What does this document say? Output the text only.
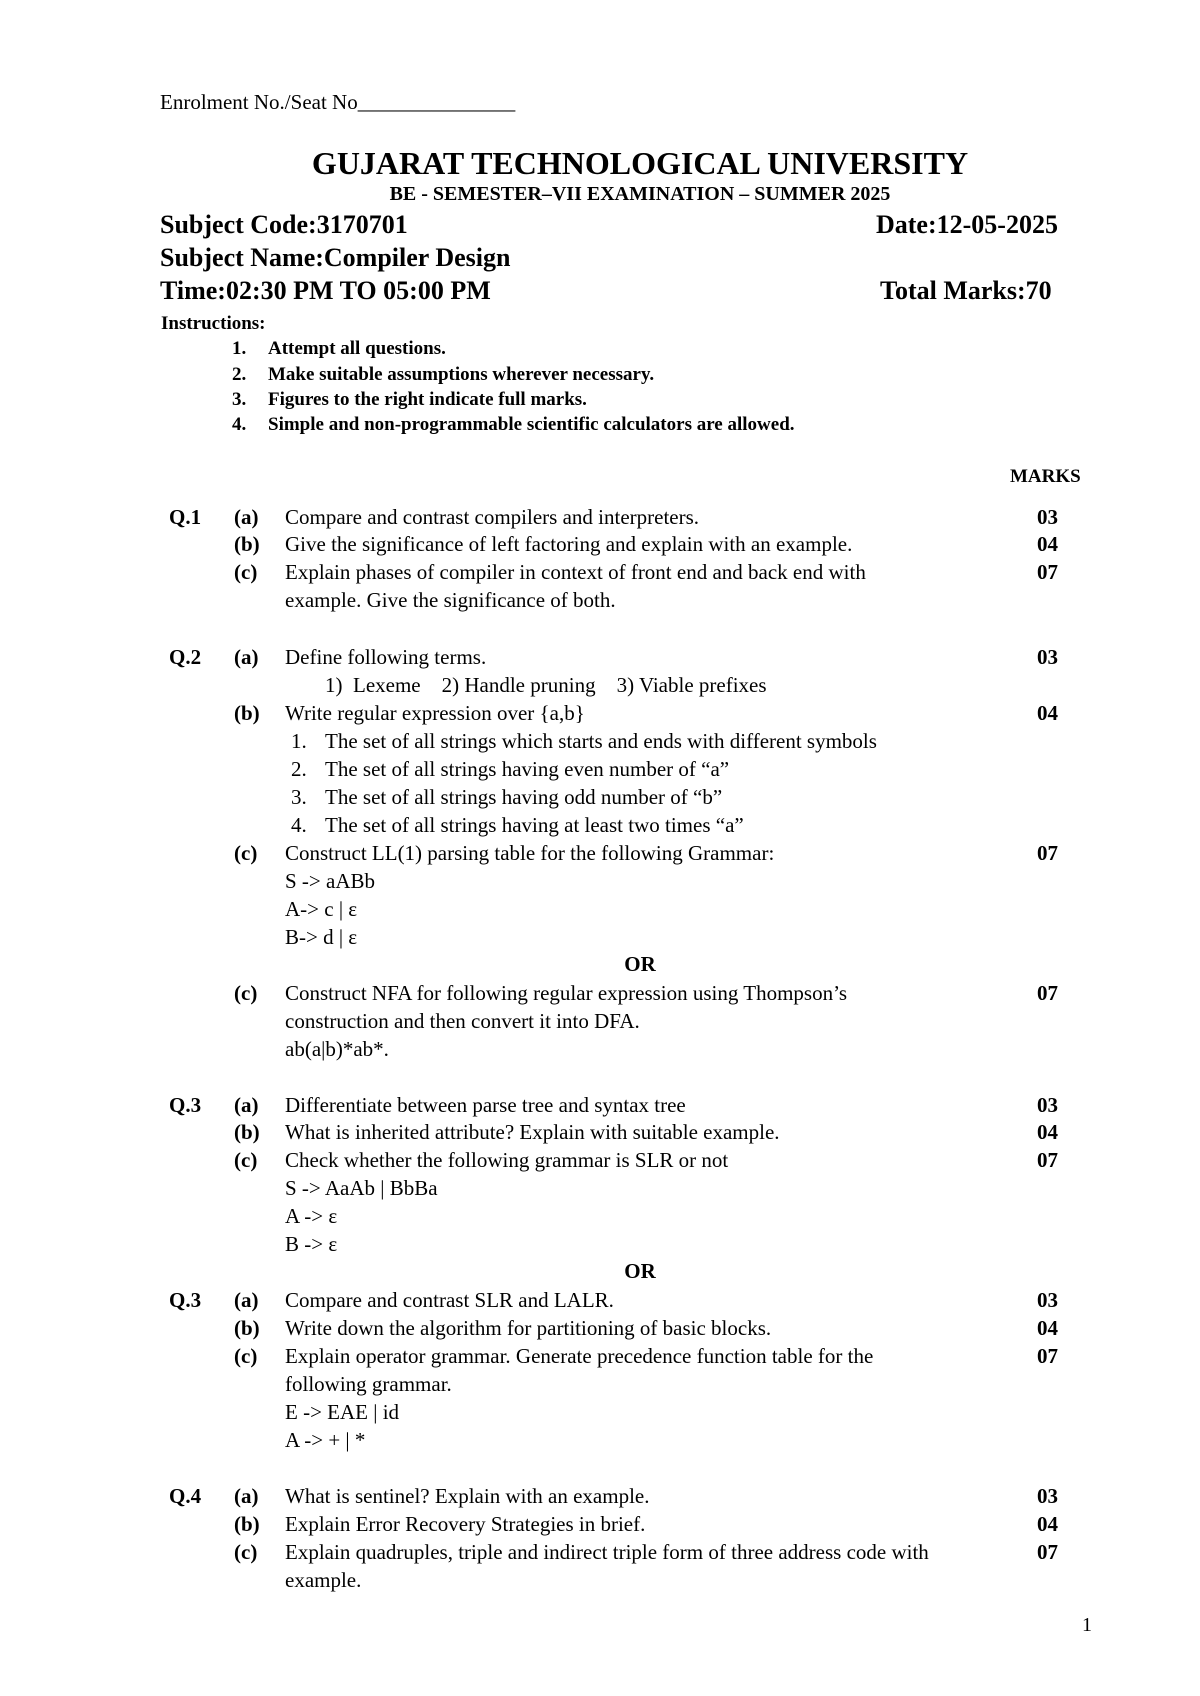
Enrolment No./Seat No_______________
GUJARAT TECHNOLOGICAL UNIVERSITY
BE - SEMESTER–VII EXAMINATION – SUMMER 2025
Subject Code:3170701	Date:12-05-2025
Subject Name:Compiler Design
Time:02:30 PM TO 05:00 PM	Total Marks:70
Instructions:
1. Attempt all questions.
2. Make suitable assumptions wherever necessary.
3. Figures to the right indicate full marks.
4. Simple and non-programmable scientific calculators are allowed.
MARKS
Q.1 (a) Compare and contrast compilers and interpreters.	03
(b) Give the significance of left factoring and explain with an example.	04
(c) Explain phases of compiler in context of front end and back end with	07
example. Give the significance of both.
Q.2 (a) Define following terms.	03
1)  Lexeme    2) Handle pruning    3) Viable prefixes
(b) Write regular expression over {a,b}	04
1. The set of all strings which starts and ends with different symbols
2. The set of all strings having even number of “a”
3. The set of all strings having odd number of “b”
4. The set of all strings having at least two times “a”
(c) Construct LL(1) parsing table for the following Grammar:	07
S -> aABb
A-> c | ε
B-> d | ε
OR
(c) Construct NFA for following regular expression using Thompson’s	07
construction and then convert it into DFA.
ab(a|b)*ab*.
Q.3 (a) Differentiate between parse tree and syntax tree	03
(b) What is inherited attribute? Explain with suitable example.	04
(c) Check whether the following grammar is SLR or not	07
S -> AaAb | BbBa
A -> ε
B -> ε
OR
Q.3 (a) Compare and contrast SLR and LALR.	03
(b) Write down the algorithm for partitioning of basic blocks.	04
(c) Explain operator grammar. Generate precedence function table for the	07
following grammar.
E -> EAE | id
A -> + | *
Q.4 (a) What is sentinel? Explain with an example.	03
(b) Explain Error Recovery Strategies in brief.	04
(c) Explain quadruples, triple and indirect triple form of three address code with	07
example.
1
